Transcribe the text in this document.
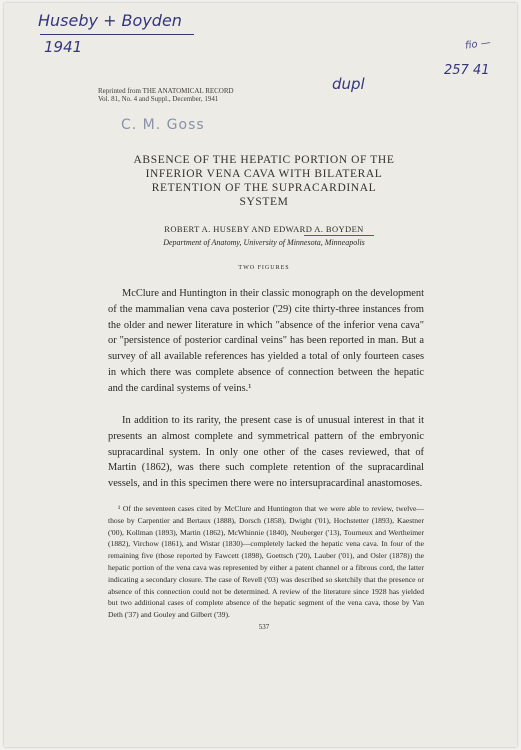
Huseby + Boyden
1941
dupl
257 41
fio —
Reprinted from THE ANATOMICAL RECORD
Vol. 81, No. 4 and Suppl., December, 1941
C. M. Goss
ABSENCE OF THE HEPATIC PORTION OF THE
INFERIOR VENA CAVA WITH BILATERAL
RETENTION OF THE SUPRACARDINAL
SYSTEM
ROBERT A. HUSEBY AND EDWARD A. BOYDEN
Department of Anatomy, University of Minnesota, Minneapolis
TWO FIGURES

McClure and Huntington in their classic monograph on the development of the mammalian vena cava posterior ('29) cite thirty-three instances from the older and newer literature in which "absence of the inferior vena cava" or "persistence of posterior cardinal veins" has been reported in man. But a survey of all available references has yielded a total of only fourteen cases in which there was complete absence of connection between the hepatic and the cardinal systems of veins.¹

In addition to its rarity, the present case is of unusual interest in that it presents an almost complete and symmetrical pattern of the embryonic supracardinal system. In only one other of the cases reviewed, that of Martin (1862), was there such complete retention of the supracardinal vessels, and in this specimen there were no intersupracardinal anastomoses.

¹ Of the seventeen cases cited by McClure and Huntington that we were able to review, twelve—those by Carpentier and Bertaux (1888), Dorsch (1858), Dwight ('01), Hochstetter (1893), Kaestner ('00), Kollman (1893), Martin (1862), McWhinnie (1840), Neuberger ('13), Tourneux and Wertheimer (1882), Virchow (1861), and Wistar (1830)—completely lacked the hepatic vena cava. In four of the remaining five (those reported by Fawcett (1898), Goettsch ('20), Lauber ('01), and Osler (1878)) the hepatic portion of the vena cava was represented by either a patent channel or a fibrous cord, the latter indicating a secondary closure. The case of Revell ('03) was described so sketchily that the presence or absence of this connection could not be determined. A review of the literature since 1928 has yielded but two additional cases of complete absence of the hepatic segment of the vena cava, those by Van Deth ('37) and Gouley and Gilbert ('39).

537
